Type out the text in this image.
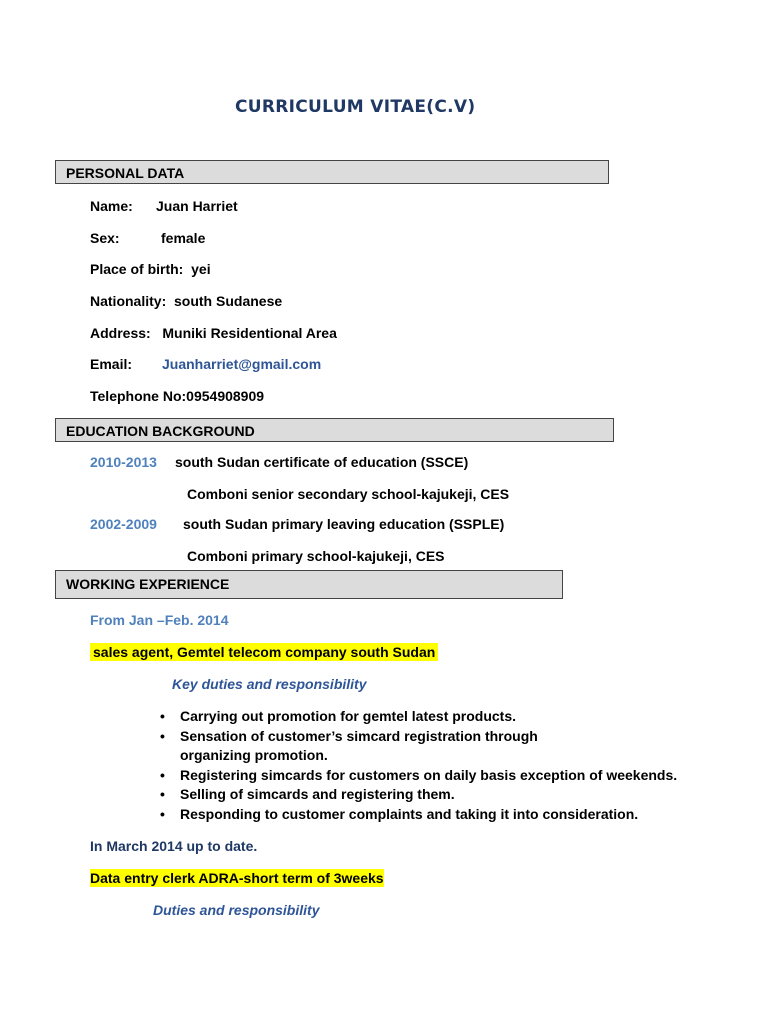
CURRICULUM VITAE(C.V)
PERSONAL DATA
Name: Juan Harriet
Sex:	female
Place of birth:  yei
Nationality:  south Sudanese
Address:   Muniki Residentional Area
Email: Juanharriet@gmail.com
Telephone No:0954908909
EDUCATION BACKGROUND
2010-2013 south Sudan certificate of education (SSCE)
Comboni senior secondary school-kajukeji, CES
2002-2009 south Sudan primary leaving education (SSPLE)
Comboni primary school-kajukeji, CES
WORKING EXPERIENCE
From Jan –Feb. 2014
sales agent, Gemtel telecom company south Sudan
Key duties and responsibility
• Carrying out promotion for gemtel latest products.
• Sensation of customer’s simcard registration through organizing promotion.
• Registering simcards for customers on daily basis exception of weekends.
• Selling of simcards and registering them.
• Responding to customer complaints and taking it into consideration.
In March 2014 up to date.
Data entry clerk ADRA-short term of 3weeks
Duties and responsibility
